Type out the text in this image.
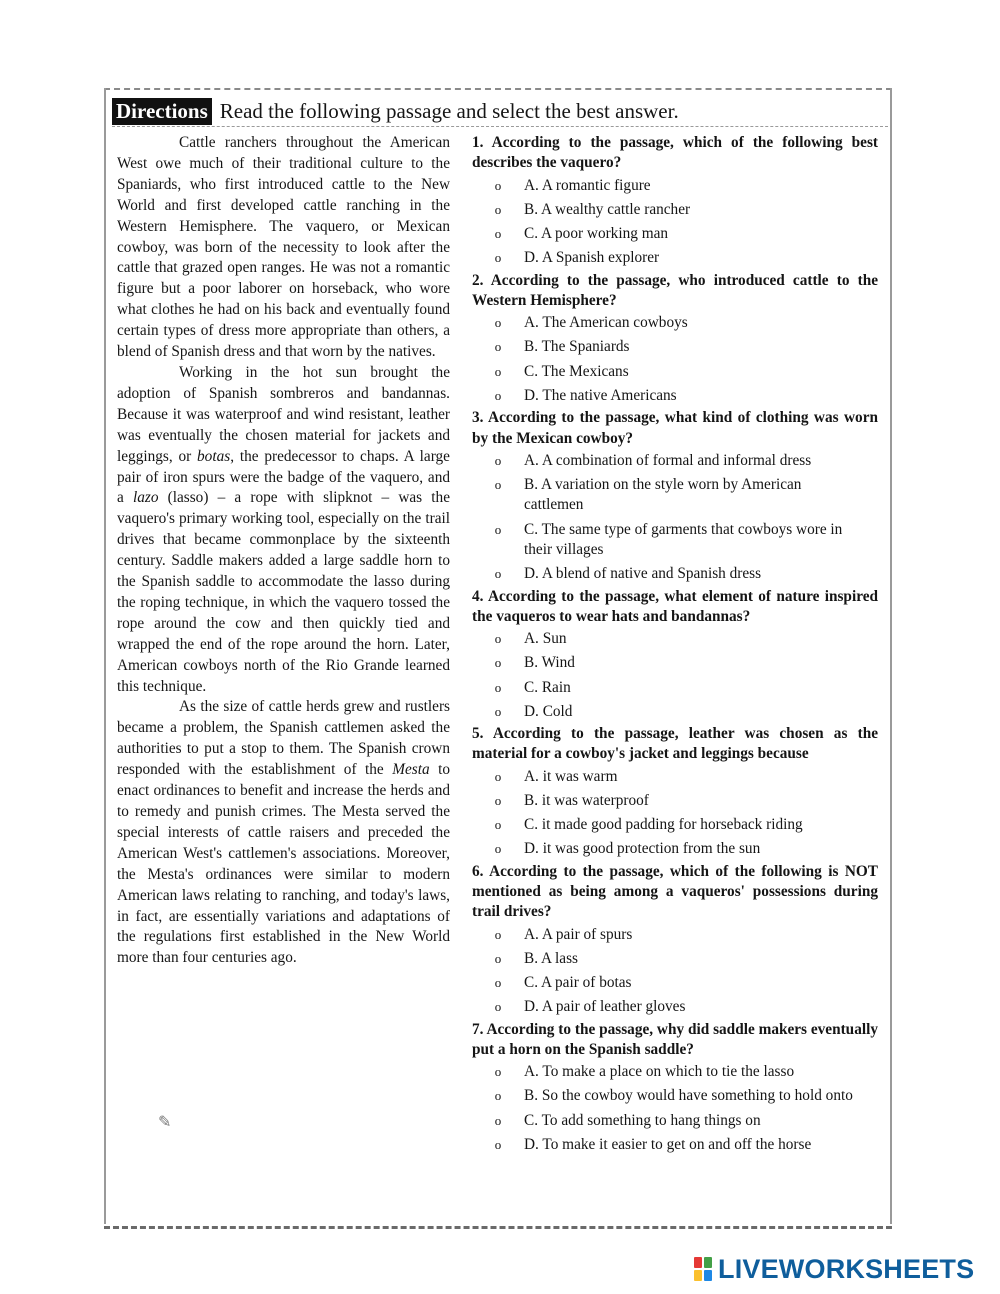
Directions Read the following passage and select the best answer.

Cattle ranchers throughout the American West owe much of their traditional culture to the Spaniards, who first introduced cattle to the New World and first developed cattle ranching in the Western Hemisphere. The vaquero, or Mexican cowboy, was born of the necessity to look after the cattle that grazed open ranges. He was not a romantic figure but a poor laborer on horseback, who wore what clothes he had on his back and eventually found certain types of dress more appropriate than others, a blend of Spanish dress and that worn by the natives.

Working in the hot sun brought the adoption of Spanish sombreros and bandannas. Because it was waterproof and wind resistant, leather was eventually the chosen material for jackets and leggings, or botas, the predecessor to chaps. A large pair of iron spurs were the badge of the vaquero, and a lazo (lasso) – a rope with slipknot – was the vaquero's primary working tool, especially on the trail drives that became commonplace by the sixteenth century. Saddle makers added a large saddle horn to the Spanish saddle to accommodate the lasso during the roping technique, in which the vaquero tossed the rope around the cow and then quickly tied and wrapped the end of the rope around the horn. Later, American cowboys north of the Rio Grande learned this technique.

As the size of cattle herds grew and rustlers became a problem, the Spanish cattlemen asked the authorities to put a stop to them. The Spanish crown responded with the establishment of the Mesta to enact ordinances to benefit and increase the herds and to remedy and punish crimes. The Mesta served the special interests of cattle raisers and preceded the American West's cattlemen's associations. Moreover, the Mesta's ordinances were similar to modern American laws relating to ranching, and today's laws, in fact, are essentially variations and adaptations of the regulations first established in the New World more than four centuries ago.

✎
1. According to the passage, which of the following best describes the vaquero?
o	A. A romantic figure
o	B. A wealthy cattle rancher
o	C. A poor working man
o	D. A Spanish explorer
2. According to the passage, who introduced cattle to the Western Hemisphere?
o	A. The American cowboys
o	B. The Spaniards
o	C. The Mexicans
o	D. The native Americans
3. According to the passage, what kind of clothing was worn by the Mexican cowboy?
o	A. A combination of formal and informal dress
o	B. A variation on the style worn by American cattlemen
o	C. The same type of garments that cowboys wore in their villages
o	D. A blend of native and Spanish dress
4. According to the passage, what element of nature inspired the vaqueros to wear hats and bandannas?
o	A. Sun
o	B. Wind
o	C. Rain
o	D. Cold
5. According to the passage, leather was chosen as the material for a cowboy's jacket and leggings because
o	A. it was warm
o	B. it was waterproof
o	C. it made good padding for horseback riding
o	D. it was good protection from the sun
6. According to the passage, which of the following is NOT mentioned as being among a vaqueros' possessions during trail drives?
o	A. A pair of spurs
o	B. A lass
o	C. A pair of botas
o	D. A pair of leather gloves
7. According to the passage, why did saddle makers eventually put a horn on the Spanish saddle?
o	A. To make a place on which to tie the lasso
o	B. So the cowboy would have something to hold onto
o	C. To add something to hang things on
o	D. To make it easier to get on and off the horse
LIVEWORKSHEETS
